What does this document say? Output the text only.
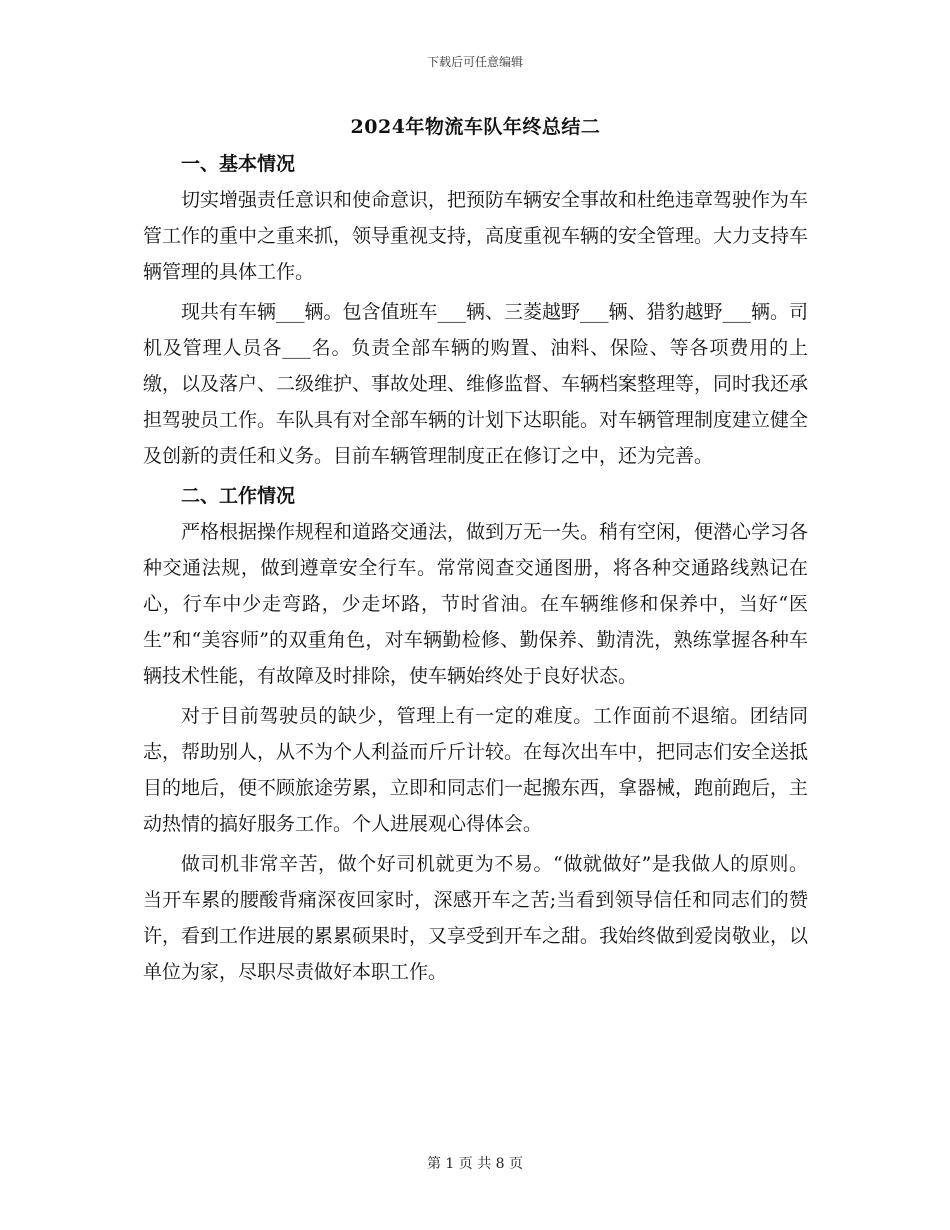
下载后可任意编辑
2024年物流车队年终总结二
一、基本情况

切实增强责任意识和使命意识，把预防车辆安全事故和杜绝违章驾驶作为车管工作的重中之重来抓，领导重视支持，高度重视车辆的安全管理。大力支持车辆管理的具体工作。

现共有车辆___辆。包含值班车___辆、三菱越野___辆、猎豹越野___辆。司机及管理人员各___名。负责全部车辆的购置、油料、保险、等各项费用的上缴，以及落户、二级维护、事故处理、维修监督、车辆档案整理等，同时我还承担驾驶员工作。车队具有对全部车辆的计划下达职能。对车辆管理制度建立健全及创新的责任和义务。目前车辆管理制度正在修订之中，还为完善。

二、工作情况

严格根据操作规程和道路交通法，做到万无一失。稍有空闲，便潜心学习各种交通法规，做到遵章安全行车。常常阅查交通图册，将各种交通路线熟记在心，行车中少走弯路，少走坏路，节时省油。在车辆维修和保养中，当好“医生”和“美容师”的双重角色，对车辆勤检修、勤保养、勤清洗，熟练掌握各种车辆技术性能，有故障及时排除，使车辆始终处于良好状态。

对于目前驾驶员的缺少，管理上有一定的难度。工作面前不退缩。团结同志，帮助别人，从不为个人利益而斤斤计较。在每次出车中，把同志们安全送抵目的地后，便不顾旅途劳累，立即和同志们一起搬东西，拿器械，跑前跑后，主动热情的搞好服务工作。个人进展观心得体会。

做司机非常辛苦，做个好司机就更为不易。“做就做好”是我做人的原则。当开车累的腰酸背痛深夜回家时，深感开车之苦;当看到领导信任和同志们的赞许，看到工作进展的累累硕果时，又享受到开车之甜。我始终做到爱岗敬业，以单位为家，尽职尽责做好本职工作。

第 1 页 共 8 页
